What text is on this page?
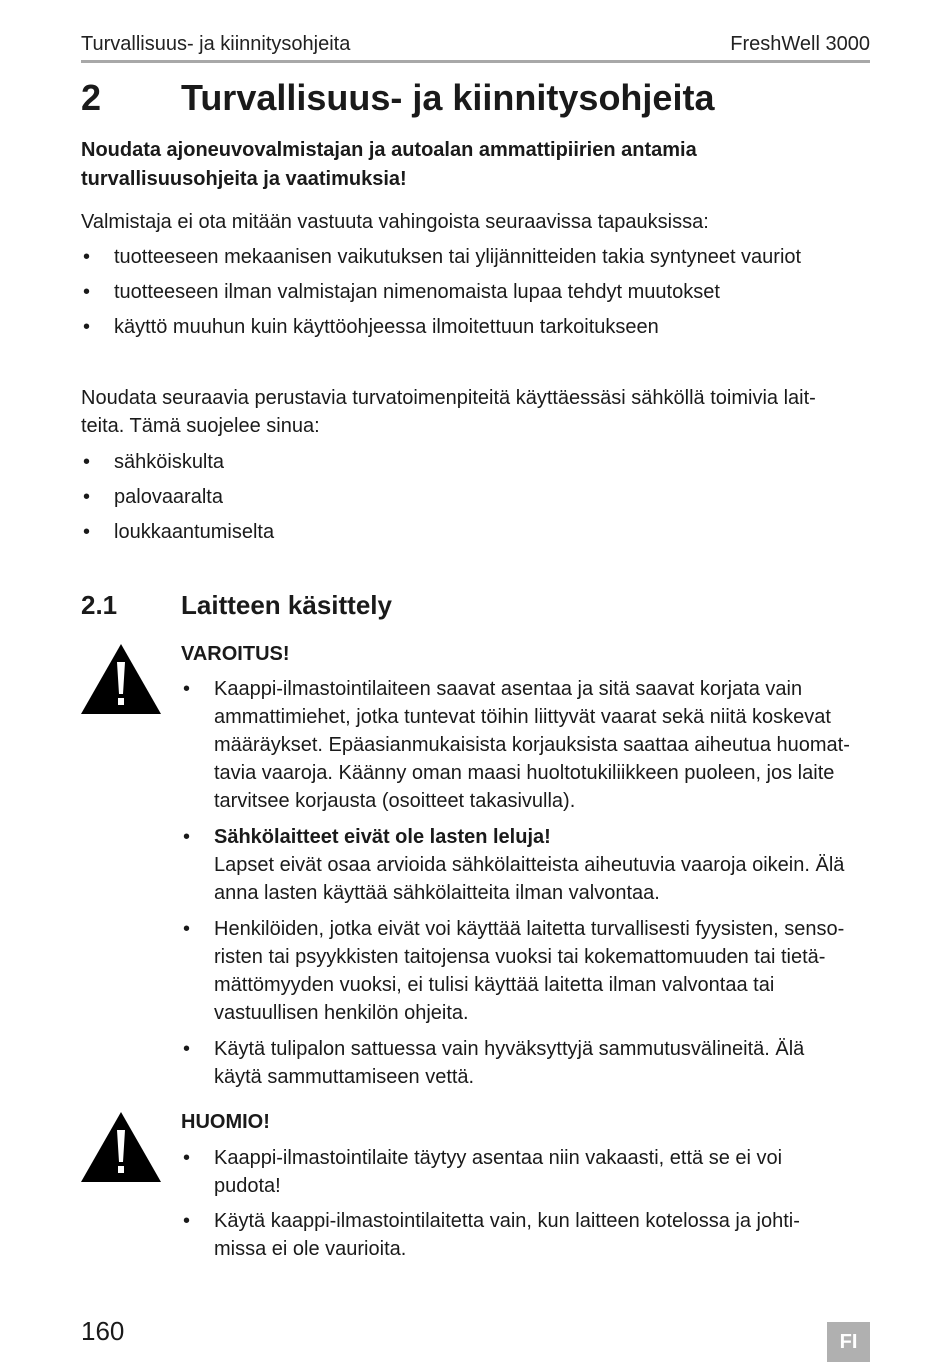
Turvallisuus- ja kiinnitysohjeita	FreshWell 3000
2 Turvallisuus- ja kiinnitysohjeita
Noudata ajoneuvovalmistajan ja autoalan ammattipiirien antamia
turvallisuusohjeita ja vaatimuksia!
Valmistaja ei ota mitään vastuuta vahingoista seuraavissa tapauksissa:
• tuotteeseen mekaanisen vaikutuksen tai ylijännitteiden takia syntyneet vauriot
• tuotteeseen ilman valmistajan nimenomaista lupaa tehdyt muutokset
• käyttö muuhun kuin käyttöohjeessa ilmoitettuun tarkoitukseen
Noudata seuraavia perustavia turvatoimenpiteitä käyttäessäsi sähköllä toimivia lait-
teita. Tämä suojelee sinua:
• sähköiskulta
• palovaaralta
• loukkaantumiselta
VAROITUS!
• Kaappi-ilmastointilaiteen saavat asentaa ja sitä saavat korjata vain
ammattimiehet, jotka tuntevat töihin liittyvät vaarat sekä niitä koskevat
määräykset. Epäasianmukaisista korjauksista saattaa aiheutua huomat-
tavia vaaroja. Käänny oman maasi huoltotukiliikkeen puoleen, jos laite
tarvitsee korjausta (osoitteet takasivulla).
• Sähkölaitteet eivät ole lasten leluja!
Lapset eivät osaa arvioida sähkölaitteista aiheutuvia vaaroja oikein. Älä
anna lasten käyttää sähkölaitteita ilman valvontaa.
• Henkilöiden, jotka eivät voi käyttää laitetta turvallisesti fyysisten, senso-
risten tai psyykkisten taitojensa vuoksi tai kokemattomuuden tai tietä-
mättömyyden vuoksi, ei tulisi käyttää laitetta ilman valvontaa tai
vastuullisen henkilön ohjeita.
• Käytä tulipalon sattuessa vain hyväksyttyjä sammutusvälineitä. Älä
käytä sammuttamiseen vettä.
HUOMIO!
• Kaappi-ilmastointilaite täytyy asentaa niin vakaasti, että se ei voi
pudota!
• Käytä kaappi-ilmastointilaitetta vain, kun laitteen kotelossa ja johti-
missa ei ole vaurioita.
2.1 Laitteen käsittely
160	FI
